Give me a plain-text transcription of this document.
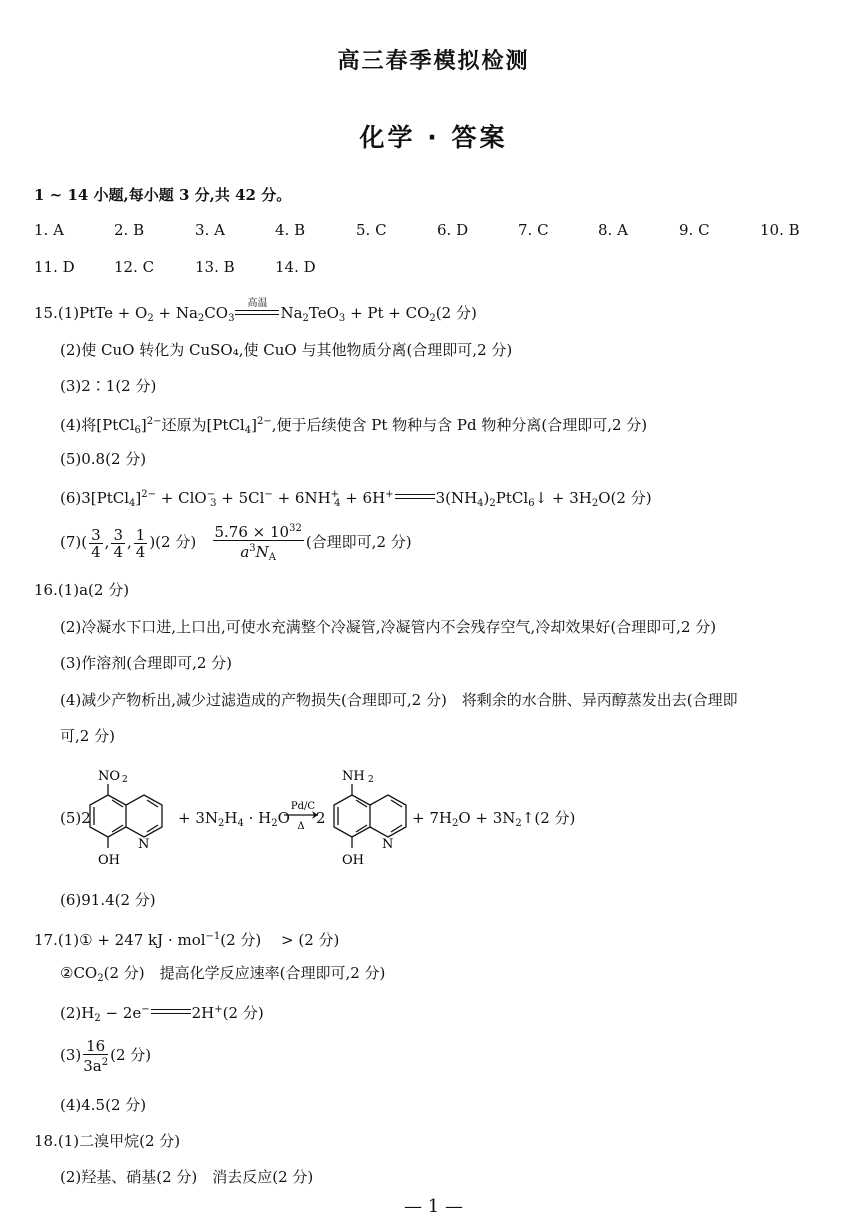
高三春季模拟检测
化学 · 答案
1 ~ 14 小题,每小题 3 分,共 42 分。
1. A	2. B	3. A	4. B	5. C	6. D	7. C	8. A	9. C	10. B
11. D	12. C	13. B	14. D
15.(1)PtTe + $O_2 + Na_2CO_3$
高温
$Na_2TeO_3 + Pt + CO_2(2$ 分)
(2)使 CuO 转化为 CuSO₄,使 CuO 与其他物质分离(合理即可,2 分)
(3)2∶1(2 分)
(4)将[PtCl$_6$]$^{2-}$还原为[PtCl$_4$]$^{2-}$,便于后续使含 Pt 物种与含 Pd 物种分离(合理即可,2 分)
(5)0.8(2 分)
(6)3[PtCl$_4$]$^{2-}$ + $ClO^-_3 + 5Cl^- + 6NH^+_4 + 6H^+$	$3(NH_4)_2PtCl_6↓ + 3H_2O(2$ 分)
$(7)( \frac{3}{4}$ , $\frac{3}{4}$ , $\frac{1}{4} )(2$ 分) $\frac{5.76 \times 10^{32}}{a^3N_A}$ (合理即可,2 分)
16.(1)a(2 分)
(2)冷凝水下口进,上口出,可使水充满整个冷凝管,冷凝管内不会残存空气,冷却效果好(合理即可,2 分)
(3)作溶剂(合理即可,2 分)
(4)减少产物析出,减少过滤造成的产物损失(合理即可,2 分)　将剩余的水合肼、异丙醇蒸发出去(合理即
可,2 分)
(5)2
NO 2
OH
N
+ $3N_2H_4 \cdot H_2O$
Pd/C
Δ 2
NH 2
OH
N
+ $7H_2O$ + $3N_2↑(2$ 分)
(6)91.4(2 分)
17.(1)① + 247 kJ · mol$^{-1}$(2 分)　 > (2 分)
$②CO_2(2$ 分)　提高化学反应速率(合理即可,2 分)
$(2)H_2 - 2e^-$	2H+(2 分)
$(3) \frac{16}{3a^2} (2$ 分)
(4)4.5(2 分)
18.(1)二溴甲烷(2 分)
(2)羟基、硝基(2 分)　消去反应(2 分)
— 1 —
